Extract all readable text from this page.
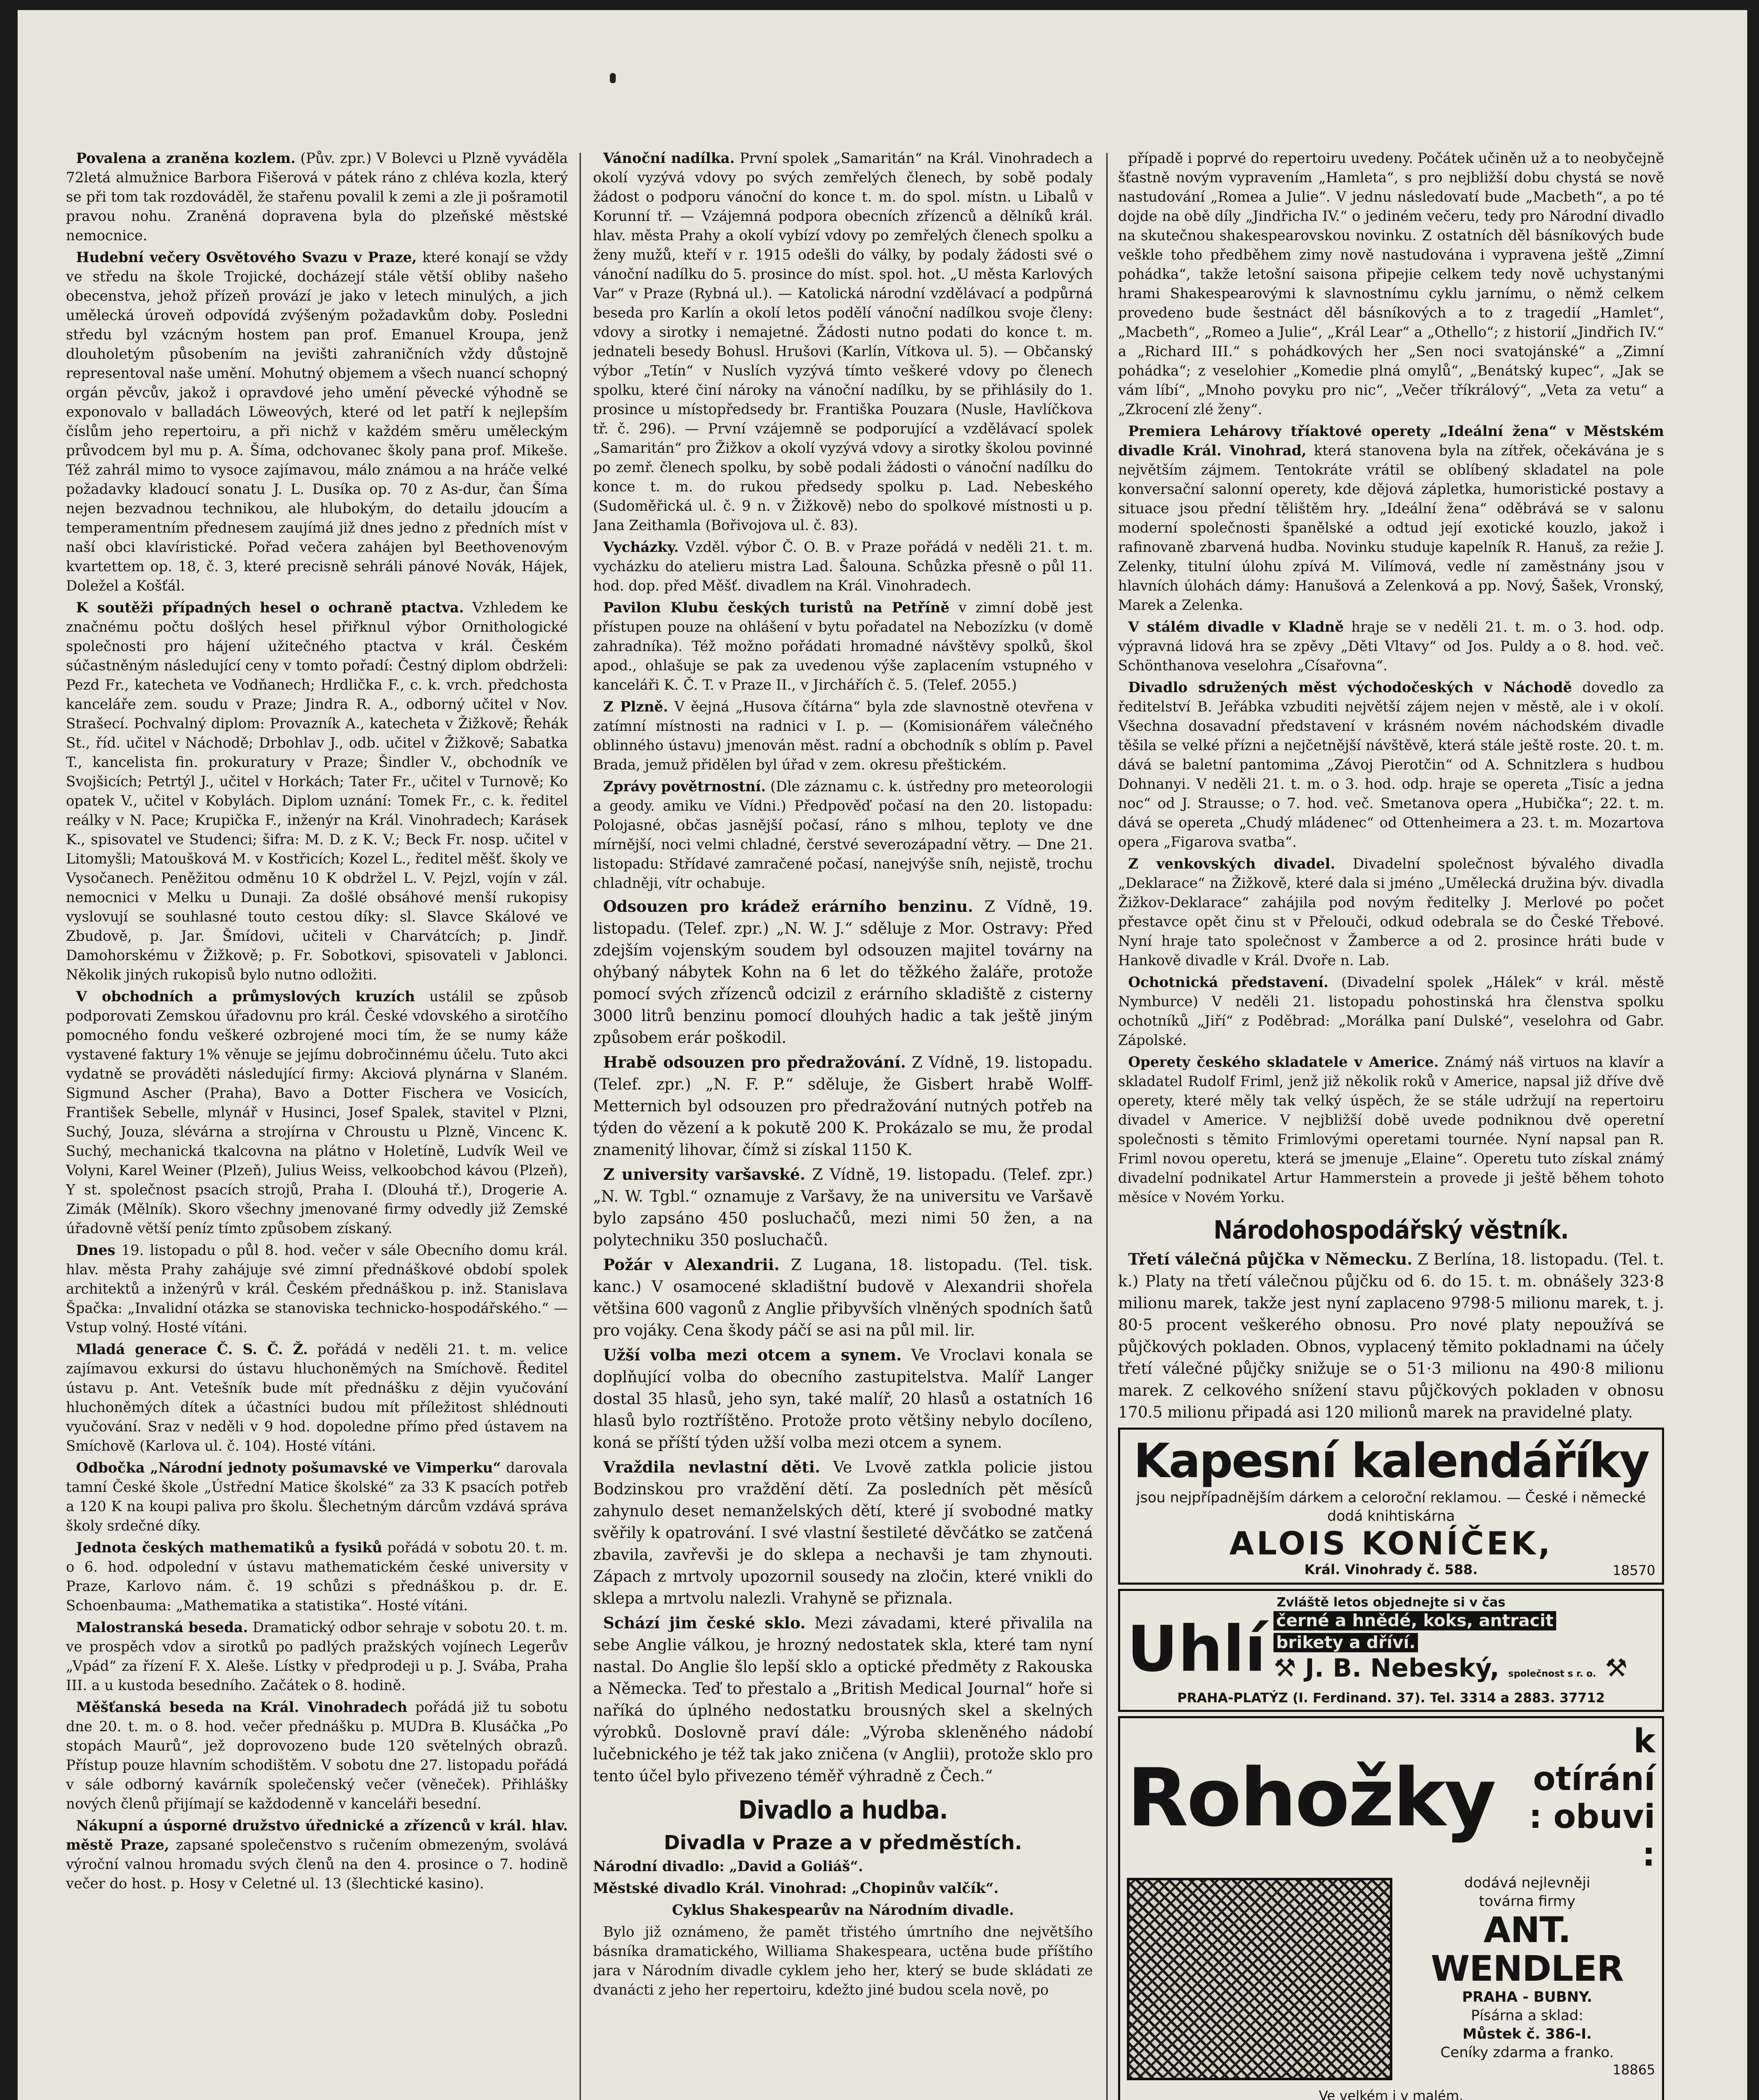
Povalena a zraněna kozlem. (Pův. zpr.) V Bolevci u Plzně vyváděla 72letá almužnice Barbora Fišerová v pátek ráno z chléva kozla, který se při tom tak rozdováděl, že stařenu povalil k zemi a zle ji pošramotil pravou nohu. Zraněná dopravena byla do plzeňské městské nemocnice.

Hudební večery Osvětového Svazu v Praze, které konají se vždy ve středu na škole Trojické, docházejí stále větší obliby našeho obecenstva, jehož přízeň provází je jako v letech minulých, a jich umělecká úroveň odpovídá zvýšeným požadavkům doby. Posledni středu byl vzácným hostem pan prof. Emanuel Kroupa, jenž dlouholetým působením na jevišti zahraničních vždy důstojně representoval naše umění. Mohutný objemem a všech nuancí schopný orgán pěvcův, jakož i opravdové jeho umění pěvecké výhodně se exponovalo v balladách Löweových, které od let patří k nejlepším číslům jeho repertoiru, a při nichž v každém směru uměleckým průvodcem byl mu p. A. Šíma, odchovanec školy pana prof. Mikeše. Též zahrál mimo to vysoce zajímavou, málo známou a na hráče velké požadavky kladoucí sonatu J. L. Dusíka op. 70 z As-dur, čan Šíma nejen bezvadnou technikou, ale hlubokým, do detailu jdoucím a temperamentním přednesem zaujímá již dnes jedno z předních míst v naší obci klavíristické. Pořad večera zahájen byl Beethovenovým kvartettem op. 18, č. 3, které precisně sehráli pánové Novák, Hájek, Doležel a Košťál.

K soutěži případných hesel o ochraně ptactva. Vzhledem ke značnému počtu došlých hesel přiřknul výbor Ornithologické společnosti pro hájení užitečného ptactva v král. Českém súčastněným následující ceny v tomto pořadí: Čestný diplom obdrželi: Pezd Fr., katecheta ve Vodňanech; Hrdlička F., c. k. vrch. předchosta kanceláře zem. soudu v Praze; Jindra R. A., odborný učitel v Nov. Strašecí. Pochvalný diplom: Provazník A., katecheta v Žižkově; Řehák St., říd. učitel v Náchodě; Drbohlav J., odb. učitel v Žižkově; Sabatka T., kancelista fin. prokuratury v Praze; Šindler V., obchodník ve Svojšicích; Petrtýl J., učitel v Horkách; Tater Fr., učitel v Turnově; Ko opatek V., učitel v Kobylách. Diplom uznání: Tomek Fr., c. k. ředitel reálky v N. Pace; Krupička F., inženýr na Král. Vinohradech; Karásek K., spisovatel ve Studenci; šifra: M. D. z K. V.; Beck Fr. nosp. učitel v Litomyšli; Matoušková M. v Kostřicích; Kozel L., ředitel měšť. školy ve Vysočanech. Peněžitou odměnu 10 K obdržel L. V. Pejzl, vojín v zál. nemocnici v Melku u Dunaji. Za došlé obsáhové menší rukopisy vyslovují se souhlasné touto cestou díky: sl. Slavce Skálové ve Zbudově, p. Jar. Šmídovi, učiteli v Charvátcích; p. Jindř. Damohorskému v Žižkově; p. Fr. Sobotkovi, spisovateli v Jablonci. Několik jiných rukopisů bylo nutno odložiti.

V obchodních a průmyslových kruzích ustálil se způsob podporovati Zemskou úřadovnu pro král. České vdovského a sirotčího pomocného fondu veškeré ozbrojené moci tím, že se numy káže vystavené faktury 1% věnuje se jejímu dobročinnému účelu. Tuto akci vydatně se prováděti následující firmy: Akciová plynárna v Slaném. Sigmund Ascher (Praha), Bavo a Dotter Fischera ve Vosicích, František Sebelle, mlynář v Husinci, Josef Spalek, stavitel v Plzni, Suchý, Jouza, slévárna a strojírna v Chroustu u Plzně, Vincenc K. Suchý, mechanická tkalcovna na plátno v Holetíně, Ludvík Weil ve Volyni, Karel Weiner (Plzeň), Julius Weiss, velkoobchod kávou (Plzeň), Y st. společnost psacích strojů, Praha I. (Dlouhá tř.), Drogerie A. Zimák (Mělník). Skoro všechny jmenované firmy odvedly již Zemské úřadovně větší peníz tímto způsobem získaný.

Dnes 19. listopadu o půl 8. hod. večer v sále Obecního domu král. hlav. města Prahy zahájuje své zimní přednáškové období spolek architektů a inženýrů v král. Českém přednáškou p. inž. Stanislava Špačka: „Invalidní otázka se stanoviska technicko-hospodářského.“ — Vstup volný. Hosté vítáni.

Mladá generace Č. S. Č. Ž. pořádá v neděli 21. t. m. velice zajímavou exkursi do ústavu hluchoněmých na Smíchově. Ředitel ústavu p. Ant. Vetešník bude mít přednášku z dějin vyučování hluchoněmých dítek a účastníci budou mít příležitost shlédnouti vyučování. Sraz v neděli v 9 hod. dopoledne přímo před ústavem na Smíchově (Karlova ul. č. 104). Hosté vítáni.

Odbočka „Národní jednoty pošumavské ve Vimperku“ darovala tamní České škole „Ústřední Matice školské“ za 33 K psacích potřeb a 120 K na koupi paliva pro školu. Šlechetným dárcům vzdává správa školy srdečné díky.

Jednota českých mathematiků a fysiků pořádá v sobotu 20. t. m. o 6. hod. odpolední v ústavu mathematickém české university v Praze, Karlovo nám. č. 19 schůzi s přednáškou p. dr. E. Schoenbauma: „Mathematika a statistika“. Hosté vítáni.

Malostranská beseda. Dramatický odbor sehraje v sobotu 20. t. m. ve prospěch vdov a sirotků po padlých pražských vojínech Legerův „Vpád“ za řízení F. X. Aleše. Lístky v předprodeji u p. J. Svába, Praha III. a u kustoda besedního. Začátek o 8. hodině.

Měšťanská beseda na Král. Vinohradech pořádá již tu sobotu dne 20. t. m. o 8. hod. večer přednášku p. MUDra B. Klusáčka „Po stopách Maurů“, jež doprovozeno bude 120 světelných obrazů. Přístup pouze hlavním schodištěm. V sobotu dne 27. listopadu pořádá v sále odborný kavárník společenský večer (věneček). Přihlášky nových členů přijímají se každodenně v kanceláři besední.

Nákupní a úsporné družstvo úřednické a zřízenců v král. hlav. městě Praze, zapsané společenstvo s ručením obmezeným, svolává výroční valnou hromadu svých členů na den 4. prosince o 7. hodině večer do host. p. Hosy v Celetné ul. 13 (šlechtické kasino).

Vánoční nadílka. První spolek „Samaritán“ na Král. Vinohradech a okolí vyzývá vdovy po svých zemřelých členech, by sobě podaly žádost o podporu vánoční do konce t. m. do spol. místn. u Libalů v Korunní tř. — Vzájemná podpora obecních zřízenců a dělníků král. hlav. města Prahy a okolí vybízí vdovy po zemřelých členech spolku a ženy mužů, kteří v r. 1915 odešli do války, by podaly žádosti své o vánoční nadílku do 5. prosince do míst. spol. hot. „U města Karlových Var“ v Praze (Rybná ul.). — Katolická národní vzdělávací a podpůrná beseda pro Karlín a okolí letos podělí vánoční nadílkou svoje členy: vdovy a sirotky i nemajetné. Žádosti nutno podati do konce t. m. jednateli besedy Bohusl. Hrušovi (Karlín, Vítkova ul. 5). — Občanský výbor „Tetín“ v Nuslích vyzývá tímto veškeré vdovy po členech spolku, které činí nároky na vánoční nadílku, by se přihlásily do 1. prosince u místopředsedy br. Františka Pouzara (Nusle, Havlíčkova tř. č. 296). — První vzájemně se podporující a vzdělávací spolek „Samaritán“ pro Žižkov a okolí vyzývá vdovy a sirotky školou povinné po zemř. členech spolku, by sobě podali žádosti o vánoční nadílku do konce t. m. do rukou předsedy spolku p. Lad. Nebeského (Sudoměřická ul. č. 9 n. v Žižkově) nebo do spolkové místnosti u p. Jana Zeithamla (Bořivojova ul. č. 83).

Vycházky. Vzděl. výbor Č. O. B. v Praze pořádá v neděli 21. t. m. vycházku do atelieru mistra Lad. Šalouna. Schůzka přesně o půl 11. hod. dop. před Měšť. divadlem na Král. Vinohradech.

Pavilon Klubu českých turistů na Petříně v zimní době jest přístupen pouze na ohlášení v bytu pořadatel na Nebozízku (v domě zahradníka). Též možno pořádati hromadné návštěvy spolků, škol apod., ohlašuje se pak za uvedenou výše zaplacením vstupného v kanceláři K. Č. T. v Praze II., v Jirchářích č. 5. (Telef. 2055.)

Z Plzně. V ěejná „Husova čítárna“ byla zde slavnostně otevřena v zatímní místnosti na radnici v I. p. — (Komisionářem válečného oblinného ústavu) jmenován měst. radní a obchodník s oblím p. Pavel Brada, jemuž přidělen byl úřad v zem. okresu přeštickém.

Zprávy povětrnostní. (Dle záznamu c. k. ústředny pro meteorologii a geody. amiku ve Vídni.) Předpověď počasí na den 20. listopadu: Polojasné, občas jasnější počasí, ráno s mlhou, teploty ve dne mírnější, noci velmi chladné, čerstvé severozápadní větry. — Dne 21. listopadu: Střídavé zamračené počasí, nanejvýše sníh, nejistě, trochu chladněji, vítr ochabuje.

Odsouzen pro krádež erárního benzinu. Z Vídně, 19. listopadu. (Telef. zpr.) „N. W. J.“ sděluje z Mor. Ostravy: Před zdejším vojenským soudem byl odsouzen majitel továrny na ohýbaný nábytek Kohn na 6 let do těžkého žaláře, protože pomocí svých zřízenců odcizil z erárního skladiště z cisterny 3000 litrů benzinu pomocí dlouhých hadic a tak ještě jiným způsobem erár poškodil.

Hrabě odsouzen pro předražování. Z Vídně, 19. listopadu. (Telef. zpr.) „N. F. P.“ sděluje, že Gisbert hrabě Wolff-Metternich byl odsouzen pro předražování nutných potřeb na týden do vězení a k pokutě 200 K. Prokázalo se mu, že prodal znamenitý lihovar, čímž si získal 1150 K.

Z university varšavské. Z Vídně, 19. listopadu. (Telef. zpr.) „N. W. Tgbl.“ oznamuje z Varšavy, že na universitu ve Varšavě bylo zapsáno 450 posluchačů, mezi nimi 50 žen, a na polytechniku 350 posluchačů.

Požár v Alexandrii. Z Lugana, 18. listopadu. (Tel. tisk. kanc.) V osamocené skladištní budově v Alexandrii shořela většina 600 vagonů z Anglie přibyvších vlněných spodních šatů pro vojáky. Cena škody páčí se asi na půl mil. lir.

Užší volba mezi otcem a synem. Ve Vroclavi konala se doplňující volba do obecního zastupitelstva. Malíř Langer dostal 35 hlasů, jeho syn, také malíř, 20 hlasů a ostatních 16 hlasů bylo roztříštěno. Protože proto většiny nebylo docíleno, koná se příští týden užší volba mezi otcem a synem.

Vraždila nevlastní děti. Ve Lvově zatkla policie jistou Bodzinskou pro vraždění dětí. Za posledních pět měsíců zahynulo deset nemanželských dětí, které jí svobodné matky svěřily k opatrování. I své vlastní šestileté děvčátko se zatčená zbavila, zavřevši je do sklepa a nechavši je tam zhynouti. Zápach z mrtvoly upozornil sousedy na zločin, které vnikli do sklepa a mrtvolu nalezli. Vrahyně se přiznala.

Schází jim české sklo. Mezi závadami, které přivalila na sebe Anglie válkou, je hrozný nedostatek skla, které tam nyní nastal. Do Anglie šlo lepší sklo a optické předměty z Rakouska a Německa. Teď to přestalo a „British Medical Journal“ hoře si naříká do úplného nedostatku brousných skel a skelných výrobků. Doslovně praví dále: „Výroba skleněného nádobí lučebnického je též tak jako zničena (v Anglii), protože sklo pro tento účel bylo přivezeno téměř výhradně z Čech.“

Divadlo a hudba.
Divadla v Praze a v předměstích.

Národní divadlo: „David a Goliáš“.

Městské divadlo Král. Vinohrad: „Chopinův valčík“.

Cyklus Shakespearův na Národním divadle.

Bylo již oznámeno, že pamět třistého úmrtního dne největšího básníka dramatického, Williama Shakespeara, uctěna bude příštího jara v Národním divadle cyklem jeho her, který se bude skládati ze dvanácti z jeho her repertoiru, kdežto jiné budou scela nově, po

případě i poprvé do repertoiru uvedeny. Počátek učiněn už a to neobyčejně šťastně novým vypravením „Hamleta“, s pro nejbližší dobu chystá se nově nastudování „Romea a Julie“. V jednu následovatí bude „Macbeth“, a po té dojde na obě díly „Jindřicha IV.“ o jediném večeru, tedy pro Národní divadlo na skutečnou shakespearovskou novinku. Z ostatních děl básníkových bude veškle toho předběhem zimy nově nastudována i vypravena ještě „Zimní pohádka“, takže letošní saisona připejie celkem tedy nově uchystanými hrami Shakespearovými k slavnostnímu cyklu jarnímu, o němž celkem provedeno bude šestnáct děl básníkových a to z tragedií „Hamlet“, „Macbeth“, „Romeo a Julie“, „Král Lear“ a „Othello“; z historií „Jindřich IV.“ a „Richard III.“ s pohádkových her „Sen noci svatojánské“ a „Zimní pohádka“; z veselohier „Komedie plná omylů“, „Benátský kupec“, „Jak se vám líbí“, „Mnoho povyku pro nic“, „Večer tříkrálový“, „Veta za vetu“ a „Zkrocení zlé ženy“.

Premiera Lehárovy tříaktové operety „Ideální žena“ v Městském divadle Král. Vinohrad, která stanovena byla na zítřek, očekávána je s největším zájmem. Tentokráte vrátil se oblíbený skladatel na pole konversační salonní operety, kde dějová zápletka, humoristické postavy a situace jsou přední tělištěm hry. „Ideální žena“ oděbrává se v salonu moderní společnosti španělské a odtud její exotické kouzlo, jakož i rafinovaně zbarvená hudba. Novinku studuje kapelník R. Hanuš, za režie J. Zelenky, titulní úlohu zpívá M. Vilímová, vedle ní zaměstnány jsou v hlavních úlohách dámy: Hanušová a Zelenková a pp. Nový, Šašek, Vronský, Marek a Zelenka.

V stálém divadle v Kladně hraje se v neděli 21. t. m. o 3. hod. odp. výpravná lidová hra se zpěvy „Děti Vltavy“ od Jos. Puldy a o 8. hod. več. Schönthanova veselohra „Císařovna“.

Divadlo sdružených měst východočeských v Náchodě dovedlo za ředitelství B. Jeřábka vzbuditi největší zájem nejen v městě, ale i v okolí. Všechna dosavadní představení v krásném novém náchodském divadle těšila se velké přízni a nejčetnější návštěvě, která stále ještě roste. 20. t. m. dává se baletní pantomima „Závoj Pierotčin“ od A. Schnitzlera s hudbou Dohnanyi. V neděli 21. t. m. o 3. hod. odp. hraje se opereta „Tisíc a jedna noc“ od J. Strausse; o 7. hod. več. Smetanova opera „Hubička“; 22. t. m. dává se opereta „Chudý mládenec“ od Ottenheimera a 23. t. m. Mozartova opera „Figarova svatba“.

Z venkovských divadel. Divadelní společnost bývalého divadla „Deklarace“ na Žižkově, které dala si jméno „Umělecká družina býv. divadla Žižkov-Deklarace“ zahájila pod novým ředitelky J. Merlové po počet přestavce opět činu st v Přelouči, odkud odebrala se do České Třebové. Nyní hraje tato společnost v Žamberce a od 2. prosince hráti bude v Hankově divadle v Král. Dvoře n. Lab.

Ochotnická představení. (Divadelní spolek „Hálek“ v král. městě Nymburce) V neděli 21. listopadu pohostinská hra členstva spolku ochotníků „Jiří“ z Poděbrad: „Morálka paní Dulské“, veselohra od Gabr. Zápolské.

Operety českého skladatele v Americe. Známý náš virtuos na klavír a skladatel Rudolf Friml, jenž již několik roků v Americe, napsal již dříve dvě operety, které měly tak velký úspěch, že se stále udržují na repertoiru divadel v Americe. V nejbližší době uvede podniknou dvě operetní společnosti s těmito Frimlovými operetami tournée. Nyní napsal pan R. Friml novou operetu, která se jmenuje „Elaine“. Operetu tuto získal známý divadelní podnikatel Artur Hammerstein a provede ji ještě během tohoto měsíce v Novém Yorku.

Národohospodářský věstník.

Třetí válečná půjčka v Německu. Z Berlína, 18. listopadu. (Tel. t. k.) Platy na třetí válečnou půjčku od 6. do 15. t. m. obnášely 323·8 milionu marek, takže jest nyní zaplaceno 9798·5 milionu marek, t. j. 80·5 procent veškerého obnosu. Pro nové platy nepoužívá se půjčkových pokladen. Obnos, vyplacený těmito pokladnami na účely třetí válečné půjčky snižuje se o 51·3 milionu na 490·8 milionu marek. Z celkového snížení stavu půjčkových pokladen v obnosu 170.5 milionu připadá asi 120 milionů marek na pravidelné platy.

Kapesní kalendáříky
jsou nejpřípadnějším dárkem a celoroční reklamou. — České i německé dodá knihtiskárna
ALOIS KONÍČEK,
Král. Vinohrady č. 588.	18570
Zvláště letos objednejte si v čas
Uhlí černé a hnědé, koks, antracit
brikety a dříví.
⚒ J. B. Nebeský, společnost s r. o. ⚒
PRAHA-PLATÝZ (I. Ferdinand. 37). Tel. 3314 a 2883. 37712
Rohožky
k otírání
: obuvi :
dodává nejlevněji
továrna firmy
ANT. WENDLER
PRAHA - BUBNY.
Písárna a sklad:
Můstek č. 386-I.
Ceníky zdarma a franko.
18865
Ve velkém i v malém.
